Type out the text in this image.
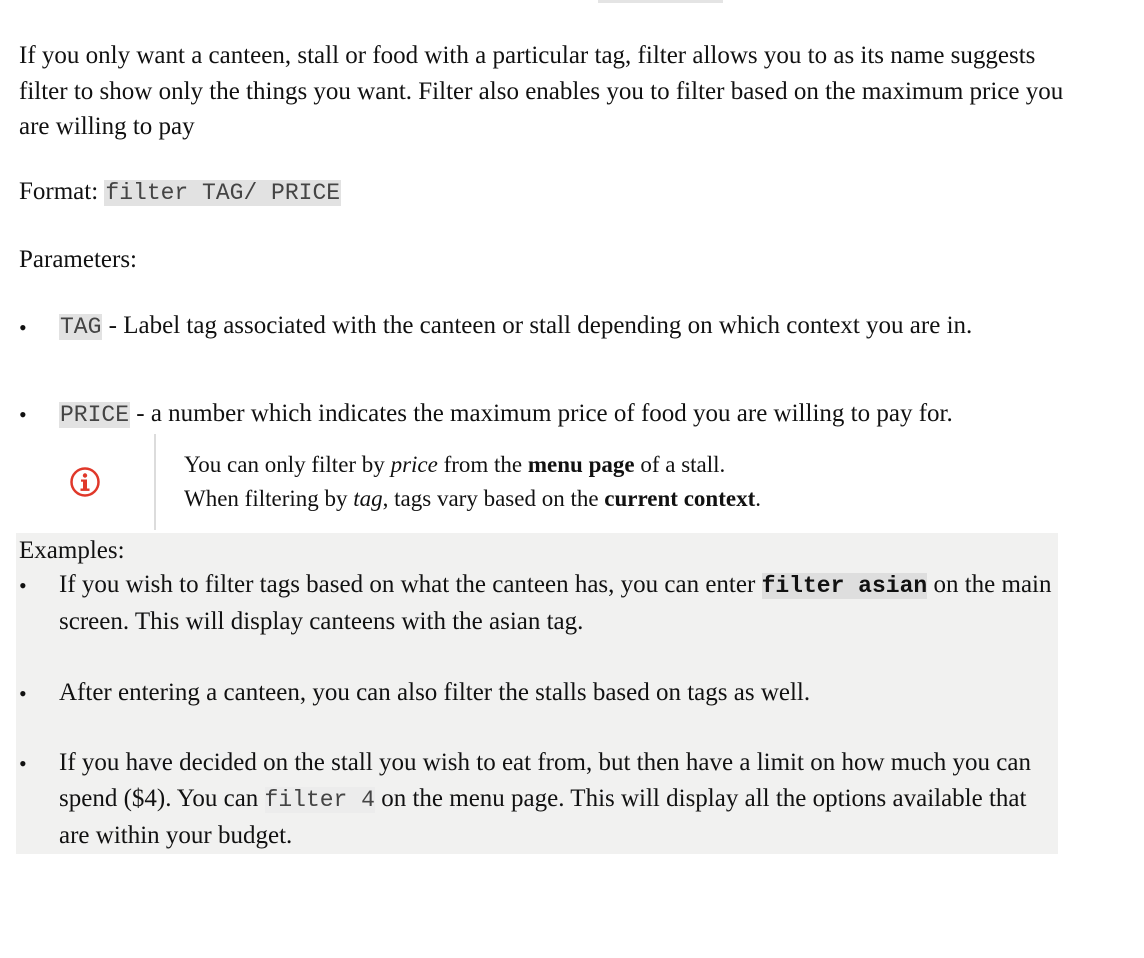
If you only want a canteen, stall or food with a particular tag, filter allows you to as its name suggests filter to show only the things you want. Filter also enables you to filter based on the maximum price you are willing to pay

Format: filter TAG/ PRICE

Parameters:

• TAG - Label tag associated with the canteen or stall depending on which context you are in.

• PRICE - a number which indicates the maximum price of food you are willing to pay for.

You can only filter by price from the menu page of a stall.
When filtering by tag, tags vary based on the current context.
Examples:
• If you wish to filter tags based on what the canteen has, you can enter filter asian on the main screen. This will display canteens with the asian tag.

• After entering a canteen, you can also filter the stalls based on tags as well.

• If you have decided on the stall you wish to eat from, but then have a limit on how much you can spend ($4). You can filter 4 on the menu page. This will display all the options available that are within your budget.
